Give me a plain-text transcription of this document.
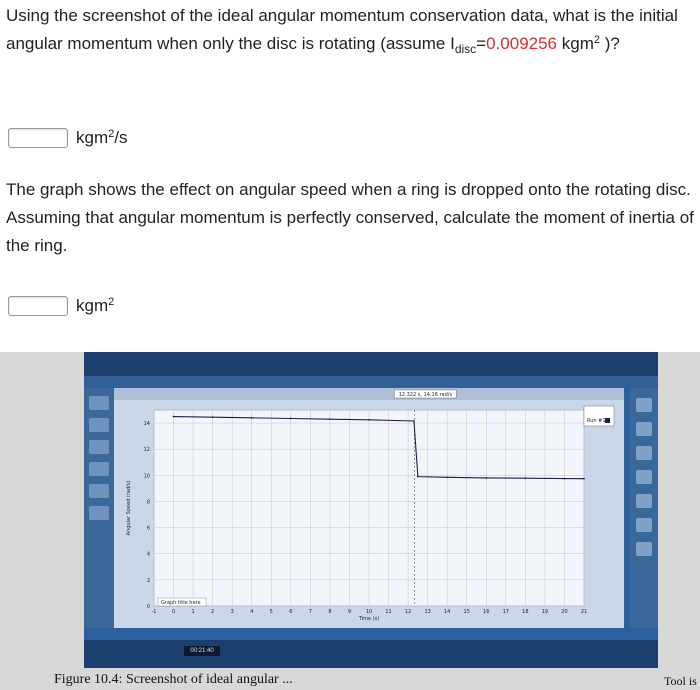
Using the screenshot of the ideal angular momentum conservation data, what is the initial angular momentum when only the disc is rotating (assume $I_{disc}=0.009256$ kgm$^2$ )?
kgm$^2$/s
The graph shows the effect on angular speed when a ring is dropped onto the rotating disc. Assuming that angular momentum is perfectly conserved, calculate the moment of inertia of the ring.
kgm$^2$
-1	0	1	2	3	4	5	6	7	8	9	10	11	12	13	14	15	16	17	18	19	20	21
0
2
4
6
8
10
12
14
Time (s)
Angular Speed (rad/s)
12.322 s, 14.16 rad/s
Run #1
Graph title here
00:21:40
Figure 10.4: Screenshot of ideal angular ...	Tool is
